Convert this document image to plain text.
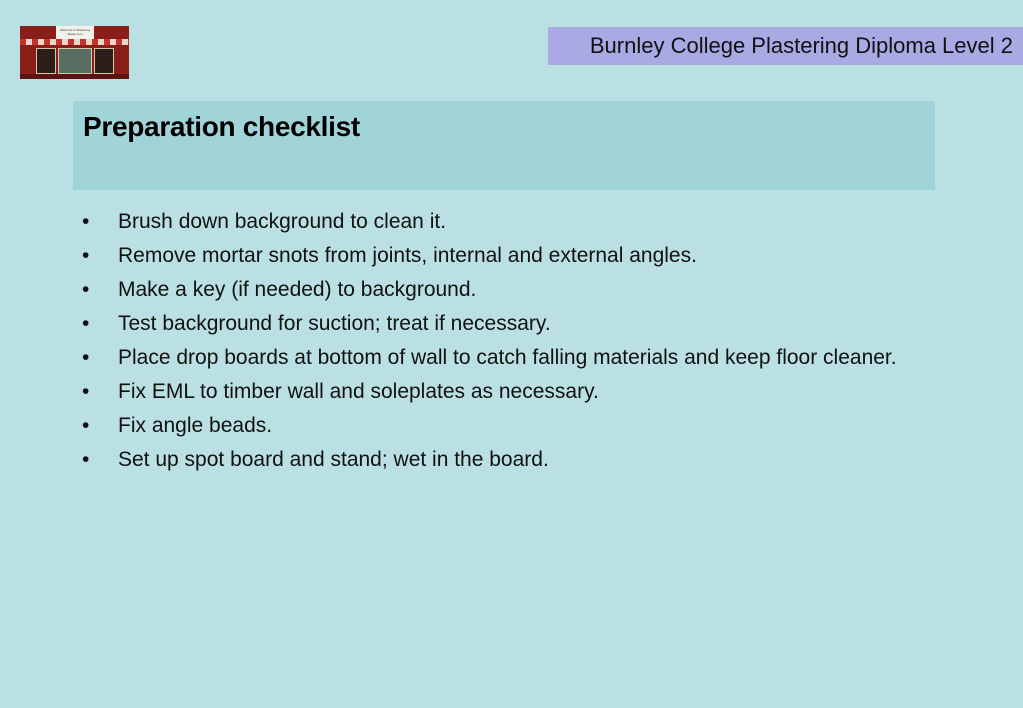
Welcome to Plastering Books.com	Burnley College Plastering Diploma Level 2
Preparation checklist
•	Brush down background to clean it.
•	Remove mortar snots from joints, internal and external angles.
•	Make a key (if needed) to background.
•	Test background for suction; treat if necessary.
•	Place drop boards at bottom of wall to catch falling materials and keep floor cleaner.
•	Fix EML to timber wall and soleplates as necessary.
•	Fix angle beads.
•	Set up spot board and stand; wet in the board.
